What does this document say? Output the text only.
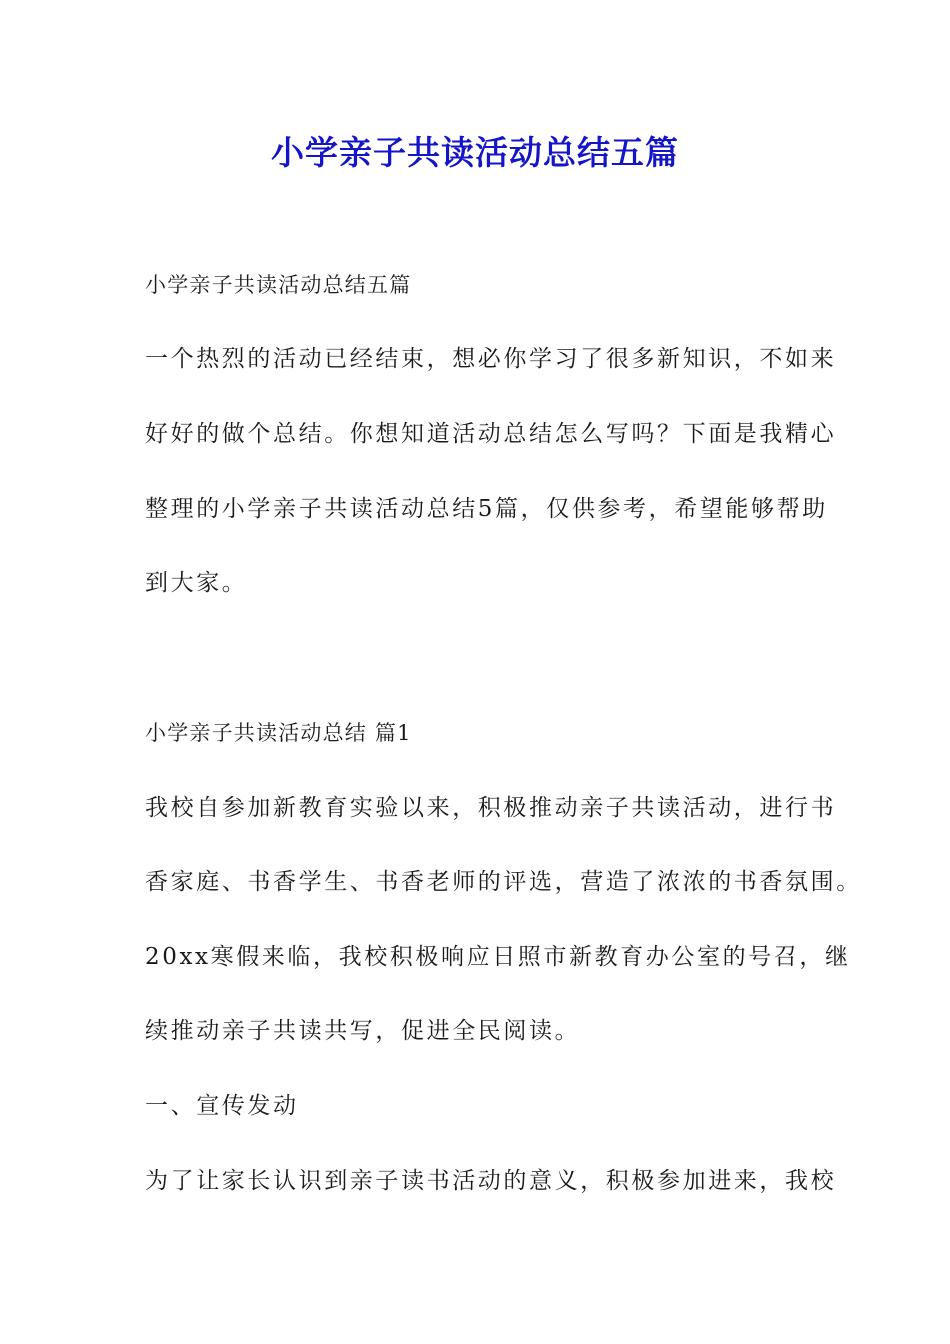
小学亲子共读活动总结五篇

小学亲子共读活动总结五篇

一个热烈的活动已经结束，想必你学习了很多新知识，不如来

好好的做个总结。你想知道活动总结怎么写吗？下面是我精心

整理的小学亲子共读活动总结5篇，仅供参考，希望能够帮助

到大家。

小学亲子共读活动总结 篇1

我校自参加新教育实验以来，积极推动亲子共读活动，进行书

香家庭、书香学生、书香老师的评选，营造了浓浓的书香氛围。

20xx寒假来临，我校积极响应日照市新教育办公室的号召，继

续推动亲子共读共写，促进全民阅读。

一、宣传发动

为了让家长认识到亲子读书活动的意义，积极参加进来，我校
